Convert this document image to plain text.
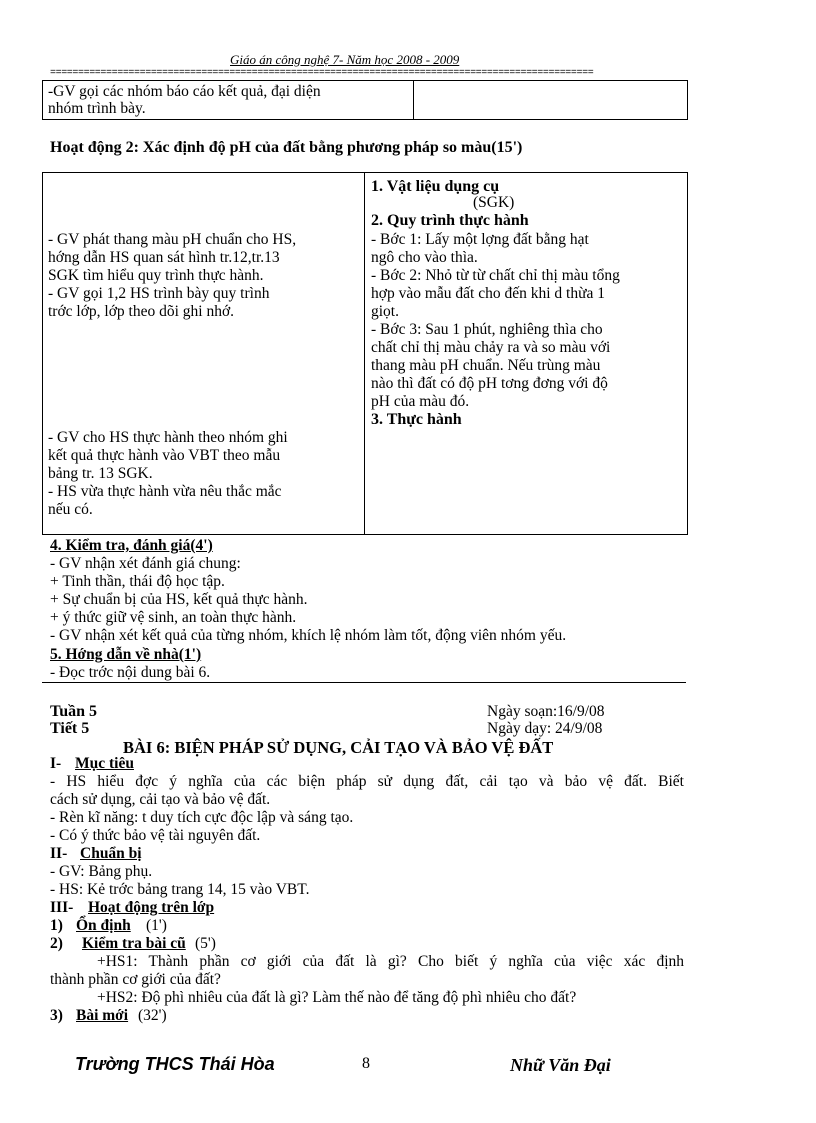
Giáo án công nghệ 7- Năm học 2008 - 2009
=================================================================================================
-GV gọi các nhóm báo cáo kết quả, đại diện
nhóm trình bày.
Hoạt động 2: Xác định độ pH của đất bằng phương pháp so màu(15')
- GV phát thang màu pH chuẩn cho HS,
hớng dẫn HS quan sát hình tr.12,tr.13
SGK tìm hiểu quy trình thực hành.
- GV gọi 1,2 HS trình bày quy trình
trớc lớp, lớp theo dõi ghi nhớ.
- GV cho HS thực hành theo nhóm ghi
kết quả thực hành vào VBT theo mẫu
bảng tr. 13 SGK.
- HS vừa thực hành vừa nêu thắc mắc
nếu có.
1. Vật liệu dụng cụ
(SGK)
2. Quy trình thực hành
- Bớc 1: Lấy một lợng đất bằng hạt
ngô cho vào thìa.
- Bớc 2: Nhỏ từ từ chất chỉ thị màu tổng
hợp vào mẫu đất cho đến khi d thừa 1
giọt.
- Bớc 3: Sau 1 phút, nghiêng thìa cho
chất chỉ thị màu chảy ra và so màu với
thang màu pH chuẩn. Nếu trùng màu
nào thì đất có độ pH tơng đơng với độ
pH của màu đó.
3. Thực hành
4. Kiểm tra, đánh giá(4')
- GV nhận xét đánh giá chung:
+ Tinh thần, thái độ học tập.
+ Sự chuẩn bị của HS, kết quả thực hành.
+ ý thức giữ vệ sinh, an toàn thực hành.
- GV nhận xét kết quả của từng nhóm, khích lệ nhóm làm tốt, động viên nhóm yếu.
5. Hớng dẫn về nhà(1')
- Đọc trớc nội dung bài 6.
Tuần 5
Tiết 5
Ngày soạn:16/9/08
Ngày dạy: 24/9/08
BÀI 6: BIỆN PHÁP SỬ DỤNG, CẢI TẠO VÀ BẢO VỆ ĐẤT
I- Mục tiêu
- HS hiểu đợc ý nghĩa của các biện pháp sử dụng đất, cải tạo và bảo vệ đất. Biết
cách sử dụng, cải tạo và bảo vệ đất.
- Rèn kĩ năng: t duy tích cực độc lập và sáng tạo.
- Có ý thức bảo vệ tài nguyên đất.
II- Chuẩn bị
- GV: Bảng phụ.
- HS: Kẻ trớc bảng trang 14, 15 vào VBT.
III- Hoạt động trên lớp
1) Ổn định (1')
2) Kiểm tra bài cũ (5')
+HS1: Thành phần cơ giới của đất là gì? Cho biết ý nghĩa của việc xác định
thành phần cơ giới của đất?
+HS2: Độ phì nhiêu của đất là gì? Làm thế nào để tăng độ phì nhiêu cho đất?
3) Bài mới (32')
Trường THCS Thái Hòa	8	Nhữ Văn Đại
